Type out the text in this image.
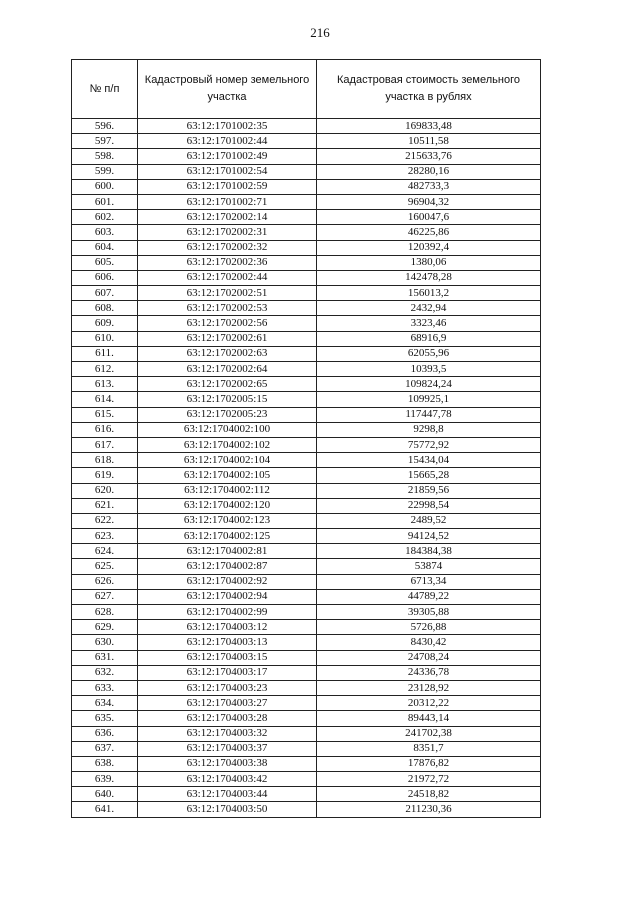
216
№ п/п	Кадастровый номер земельного участка	Кадастровая стоимость земельного участка в рублях
596.	63:12:1701002:35	169833,48
597.	63:12:1701002:44	10511,58
598.	63:12:1701002:49	215633,76
599.	63:12:1701002:54	28280,16
600.	63:12:1701002:59	482733,3
601.	63:12:1701002:71	96904,32
602.	63:12:1702002:14	160047,6
603.	63:12:1702002:31	46225,86
604.	63:12:1702002:32	120392,4
605.	63:12:1702002:36	1380,06
606.	63:12:1702002:44	142478,28
607.	63:12:1702002:51	156013,2
608.	63:12:1702002:53	2432,94
609.	63:12:1702002:56	3323,46
610.	63:12:1702002:61	68916,9
611.	63:12:1702002:63	62055,96
612.	63:12:1702002:64	10393,5
613.	63:12:1702002:65	109824,24
614.	63:12:1702005:15	109925,1
615.	63:12:1702005:23	117447,78
616.	63:12:1704002:100	9298,8
617.	63:12:1704002:102	75772,92
618.	63:12:1704002:104	15434,04
619.	63:12:1704002:105	15665,28
620.	63:12:1704002:112	21859,56
621.	63:12:1704002:120	22998,54
622.	63:12:1704002:123	2489,52
623.	63:12:1704002:125	94124,52
624.	63:12:1704002:81	184384,38
625.	63:12:1704002:87	53874
626.	63:12:1704002:92	6713,34
627.	63:12:1704002:94	44789,22
628.	63:12:1704002:99	39305,88
629.	63:12:1704003:12	5726,88
630.	63:12:1704003:13	8430,42
631.	63:12:1704003:15	24708,24
632.	63:12:1704003:17	24336,78
633.	63:12:1704003:23	23128,92
634.	63:12:1704003:27	20312,22
635.	63:12:1704003:28	89443,14
636.	63:12:1704003:32	241702,38
637.	63:12:1704003:37	8351,7
638.	63:12:1704003:38	17876,82
639.	63:12:1704003:42	21972,72
640.	63:12:1704003:44	24518,82
641.	63:12:1704003:50	211230,36
